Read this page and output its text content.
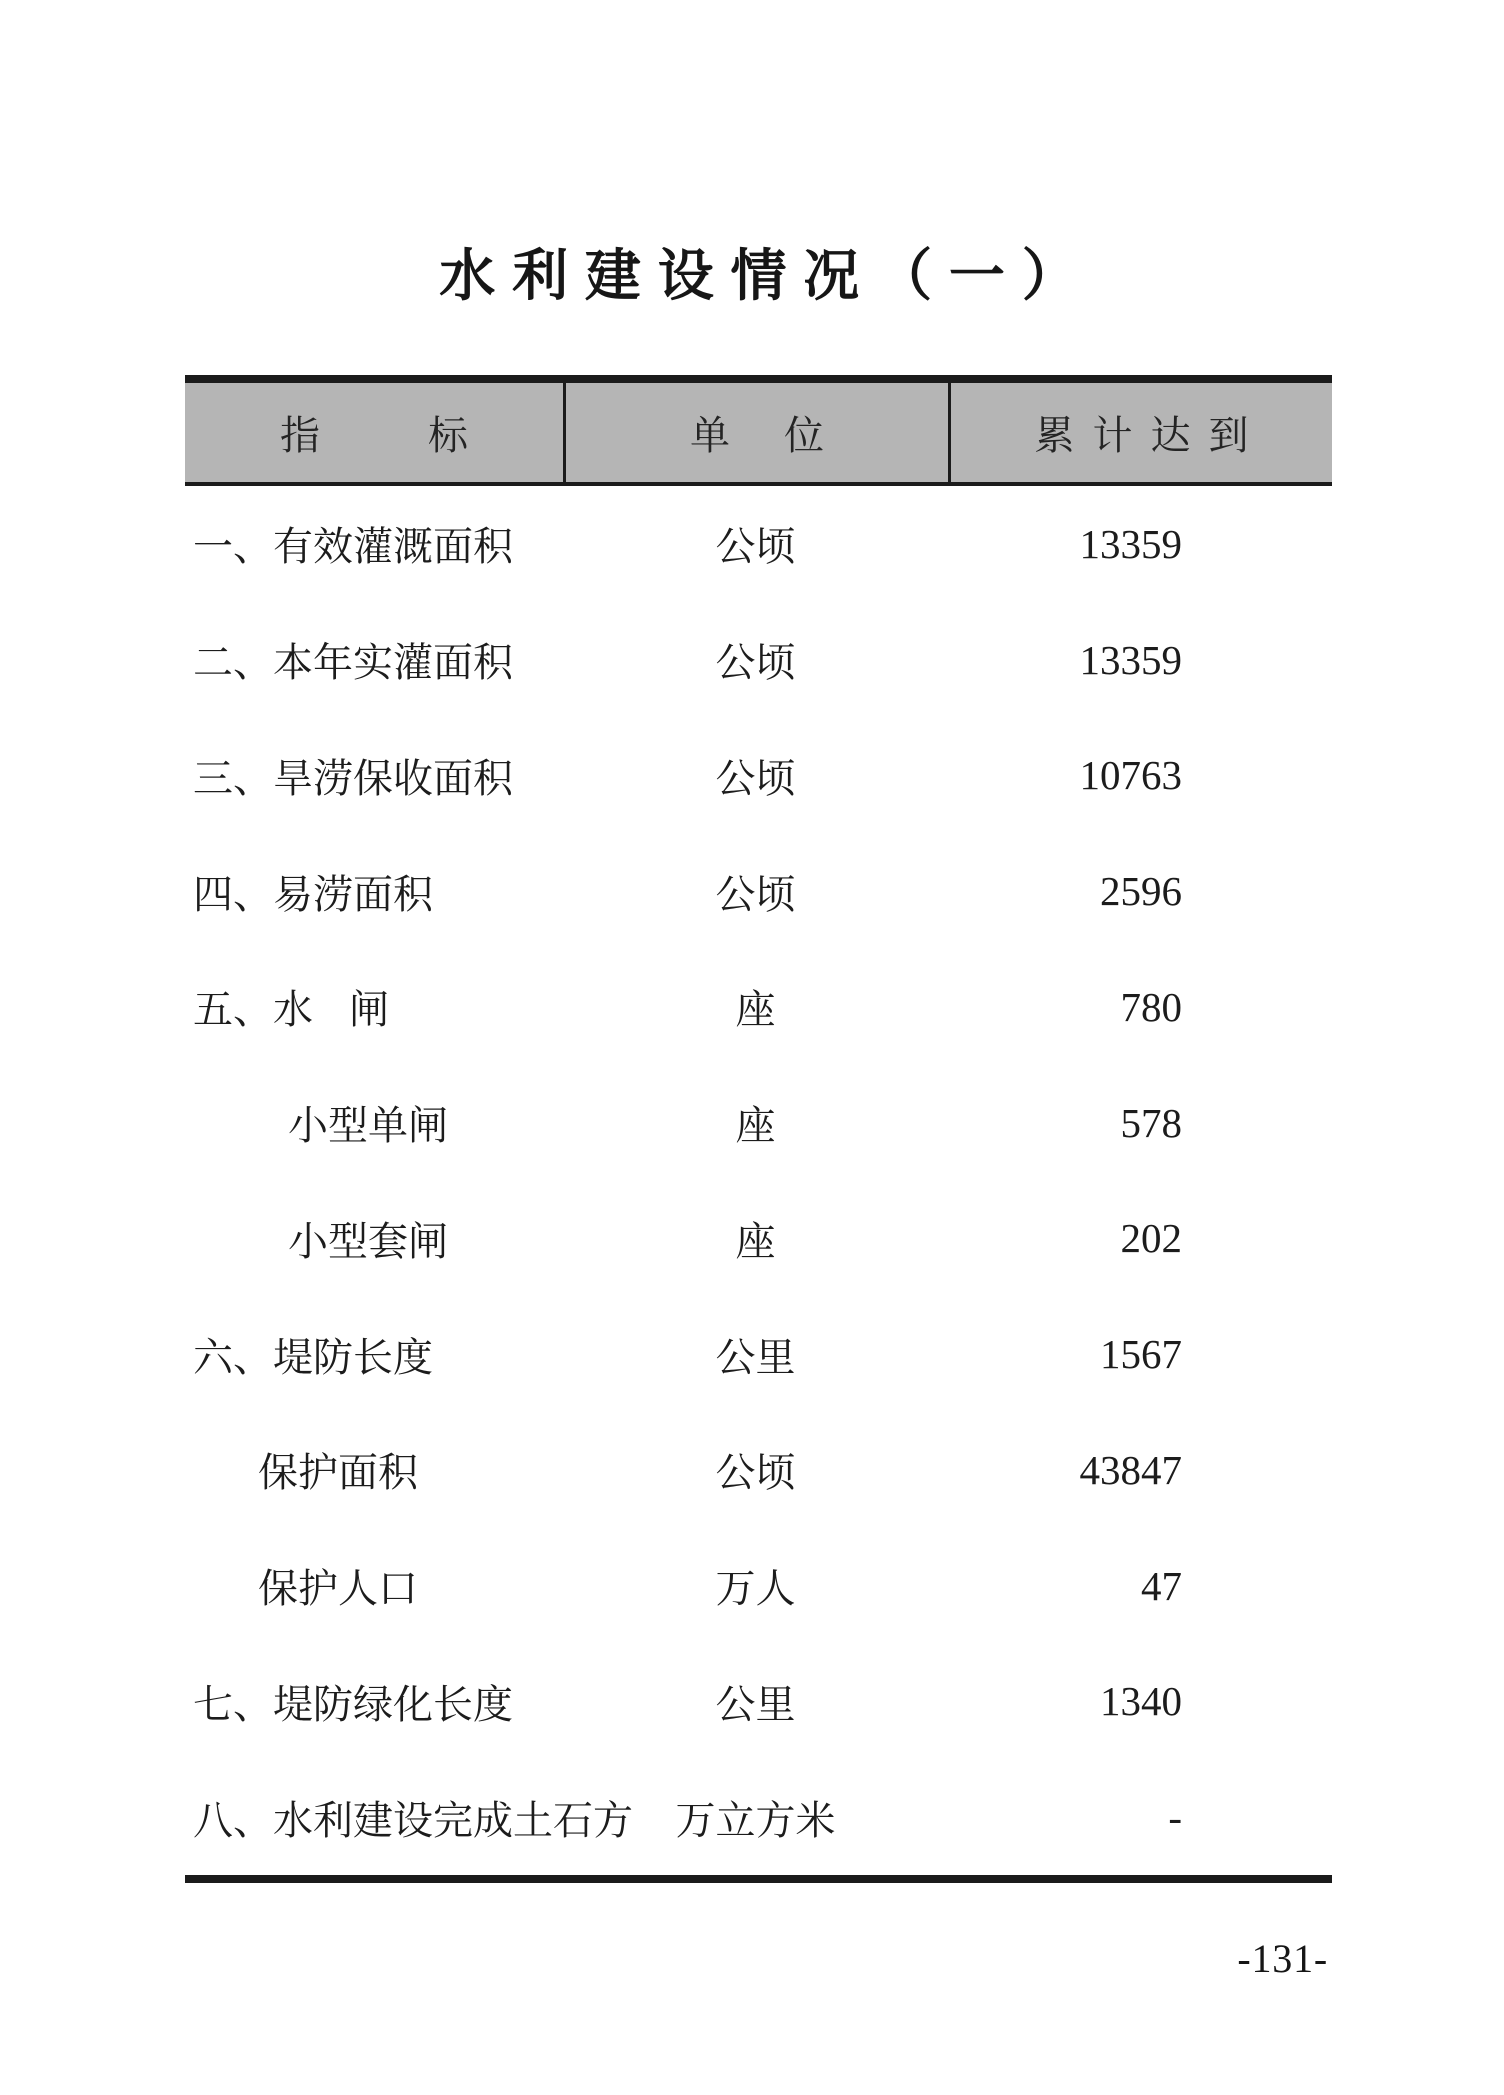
水利建设情况（一）
指      标	单   位	累 计 达 到
一、有效灌溉面积	公顷	13359
二、本年实灌面积	公顷	13359
三、旱涝保收面积	公顷	10763
四、易涝面积	公顷	2596
五、水  闸	座	780
小型单闸	座	578
小型套闸	座	202
六、堤防长度	公里	1567
保护面积	公顷	43847
保护人口	万人	47
七、堤防绿化长度	公里	1340
八、水利建设完成土石方	万立方米	-
-131-
